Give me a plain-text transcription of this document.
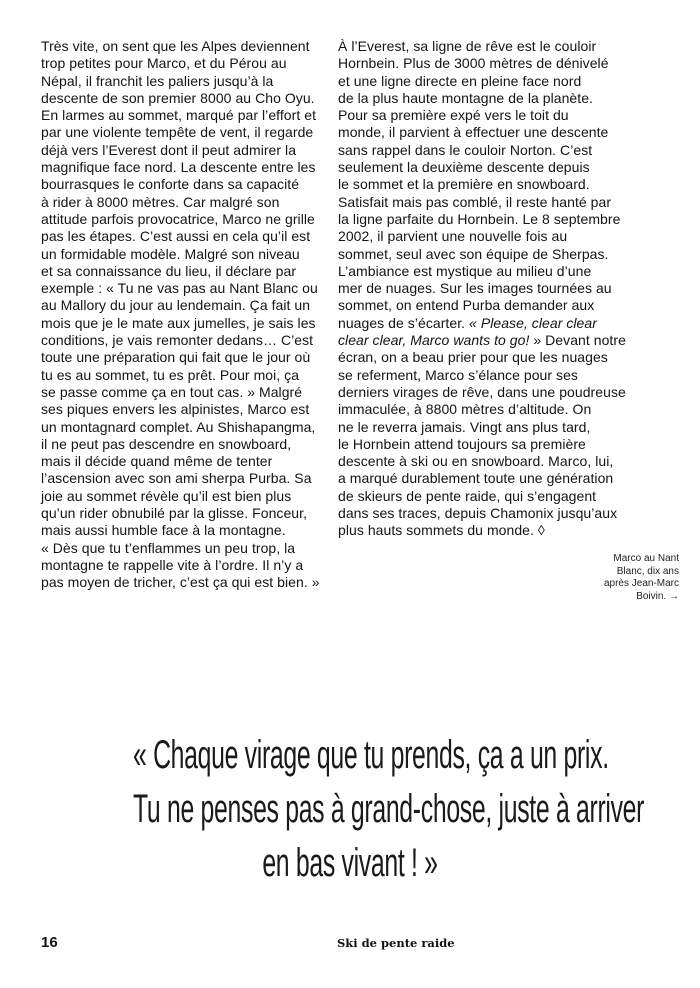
Très vite, on sent que les Alpes deviennent
trop petites pour Marco, et du Pérou au
Népal, il franchit les paliers jusqu’à la
descente de son premier 8000 au Cho Oyu.
En larmes au sommet, marqué par l’effort et
par une violente tempête de vent, il regarde
déjà vers l’Everest dont il peut admirer la
magnifique face nord. La descente entre les
bourrasques le conforte dans sa capacité
à rider à 8000 mètres. Car malgré son
attitude parfois provocatrice, Marco ne grille
pas les étapes. C’est aussi en cela qu’il est
un formidable modèle. Malgré son niveau
et sa connaissance du lieu, il déclare par
exemple : « Tu ne vas pas au Nant Blanc ou
au Mallory du jour au lendemain. Ça fait un
mois que je le mate aux jumelles, je sais les
conditions, je vais remonter dedans… C’est
toute une préparation qui fait que le jour où
tu es au sommet, tu es prêt. Pour moi, ça
se passe comme ça en tout cas. » Malgré
ses piques envers les alpinistes, Marco est
un montagnard complet. Au Shishapangma,
il ne peut pas descendre en snowboard,
mais il décide quand même de tenter
l’ascension avec son ami sherpa Purba. Sa
joie au sommet révèle qu’il est bien plus
qu’un rider obnubilé par la glisse. Fonceur,
mais aussi humble face à la montagne.
« Dès que tu t’enflammes un peu trop, la
montagne te rappelle vite à l’ordre. Il n’y a
pas moyen de tricher, c’est ça qui est bien. »
À l’Everest, sa ligne de rêve est le couloir
Hornbein. Plus de 3000 mètres de dénivelé
et une ligne directe en pleine face nord
de la plus haute montagne de la planète.
Pour sa première expé vers le toit du
monde, il parvient à effectuer une descente
sans rappel dans le couloir Norton. C’est
seulement la deuxième descente depuis
le sommet et la première en snowboard.
Satisfait mais pas comblé, il reste hanté par
la ligne parfaite du Hornbein. Le 8 septembre
2002, il parvient une nouvelle fois au
sommet, seul avec son équipe de Sherpas.
L’ambiance est mystique au milieu d’une
mer de nuages. Sur les images tournées au
sommet, on entend Purba demander aux
nuages de s’écarter. « Please, clear clear
clear clear, Marco wants to go! » Devant notre
écran, on a beau prier pour que les nuages
se referment, Marco s’élance pour ses
derniers virages de rêve, dans une poudreuse
immaculée, à 8800 mètres d’altitude. On
ne le reverra jamais. Vingt ans plus tard,
le Hornbein attend toujours sa première
descente à ski ou en snowboard. Marco, lui,
a marqué durablement toute une génération
de skieurs de pente raide, qui s’engagent
dans ses traces, depuis Chamonix jusqu’aux
plus hauts sommets du monde. ◊
Marco au Nant
Blanc, dix ans
après Jean-Marc
Boivin. →
« Chaque virage que tu prends, ça a un prix.
Tu ne penses pas à grand-chose, juste à arriver
en bas vivant ! »
16	Ski de pente raide
